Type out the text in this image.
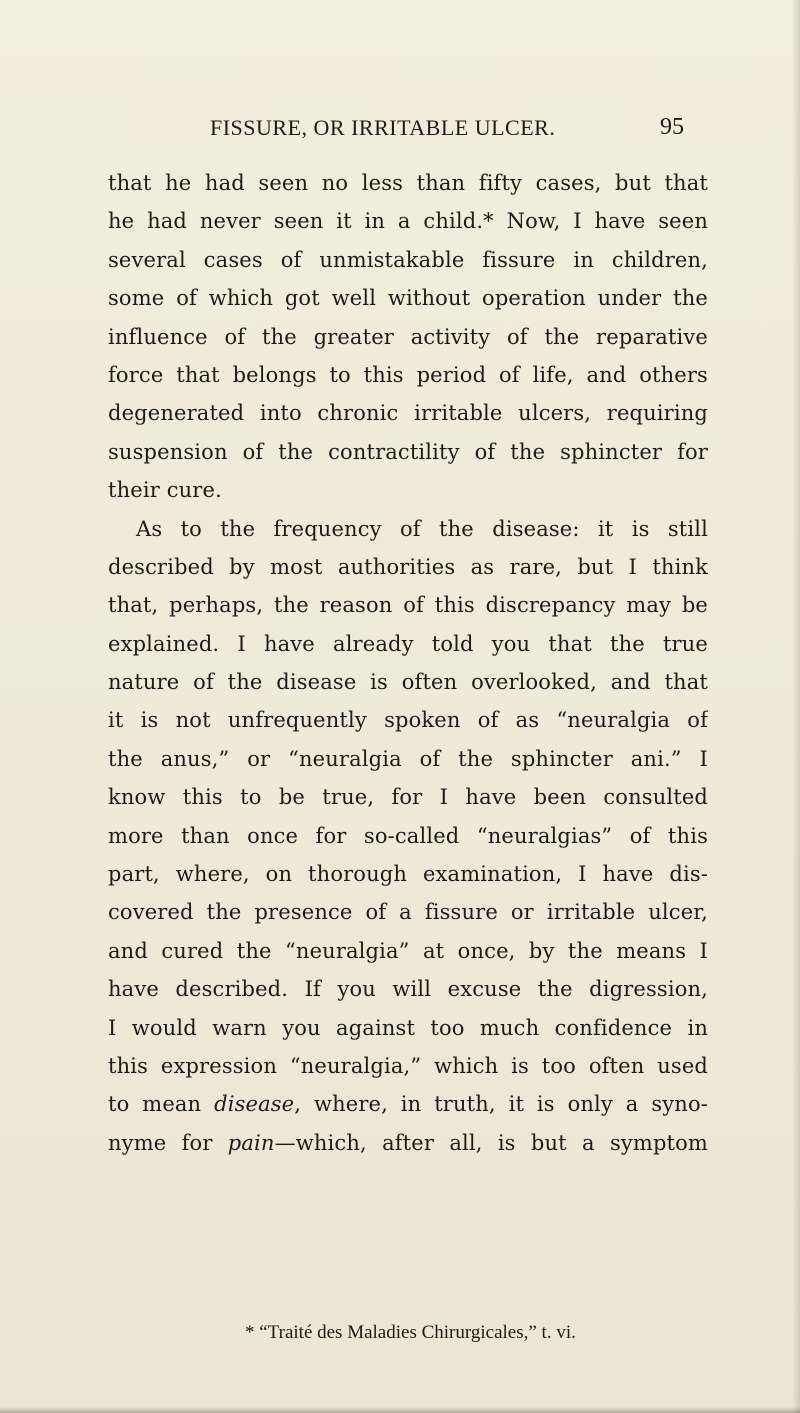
FISSURE, OR IRRITABLE ULCER.	95
that he had seen no less than fifty cases, but that
he had never seen it in a child.* Now, I have seen
several cases of unmistakable fissure in children,
some of which got well without operation under the
influence of the greater activity of the reparative
force that belongs to this period of life, and others
degenerated into chronic irritable ulcers, requiring
suspension of the contractility of the sphincter for
their cure.
As to the frequency of the disease: it is still
described by most authorities as rare, but I think
that, perhaps, the reason of this discrepancy may be
explained. I have already told you that the true
nature of the disease is often overlooked, and that
it is not unfrequently spoken of as “neuralgia of
the anus,” or “neuralgia of the sphincter ani.” I
know this to be true, for I have been consulted
more than once for so-called “neuralgias” of this
part, where, on thorough examination, I have dis-
covered the presence of a fissure or irritable ulcer,
and cured the “neuralgia” at once, by the means I
have described. If you will excuse the digression,
I would warn you against too much confidence in
this expression “neuralgia,” which is too often used
to mean disease, where, in truth, it is only a syno-
nyme for pain—which, after all, is but a symptom
* “Traité des Maladies Chirurgicales,” t. vi.
